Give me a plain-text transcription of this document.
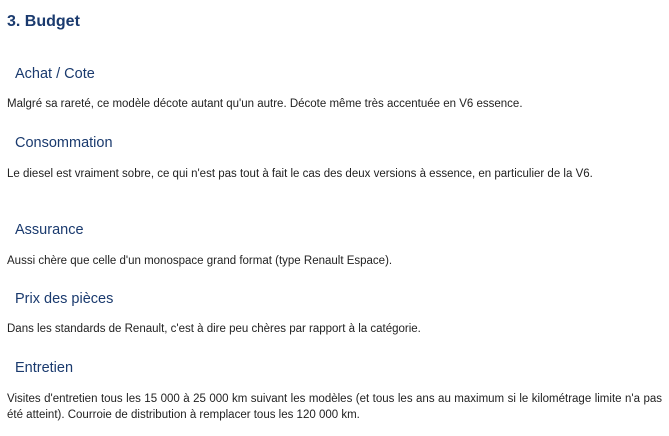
3. Budget
Achat / Cote

Malgré sa rareté, ce modèle décote autant qu'un autre. Décote même très accentuée en V6 essence.

Consommation

Le diesel est vraiment sobre, ce qui n'est pas tout à fait le cas des deux versions à essence, en particulier de la V6.

Assurance

Aussi chère que celle d'un monospace grand format (type Renault Espace).

Prix des pièces

Dans les standards de Renault, c'est à dire peu chères par rapport à la catégorie.

Entretien

Visites d'entretien tous les 15 000 à 25 000 km suivant les modèles (et tous les ans au maximum si le kilométrage limite n'a pas été atteint). Courroie de distribution à remplacer tous les 120 000 km.
